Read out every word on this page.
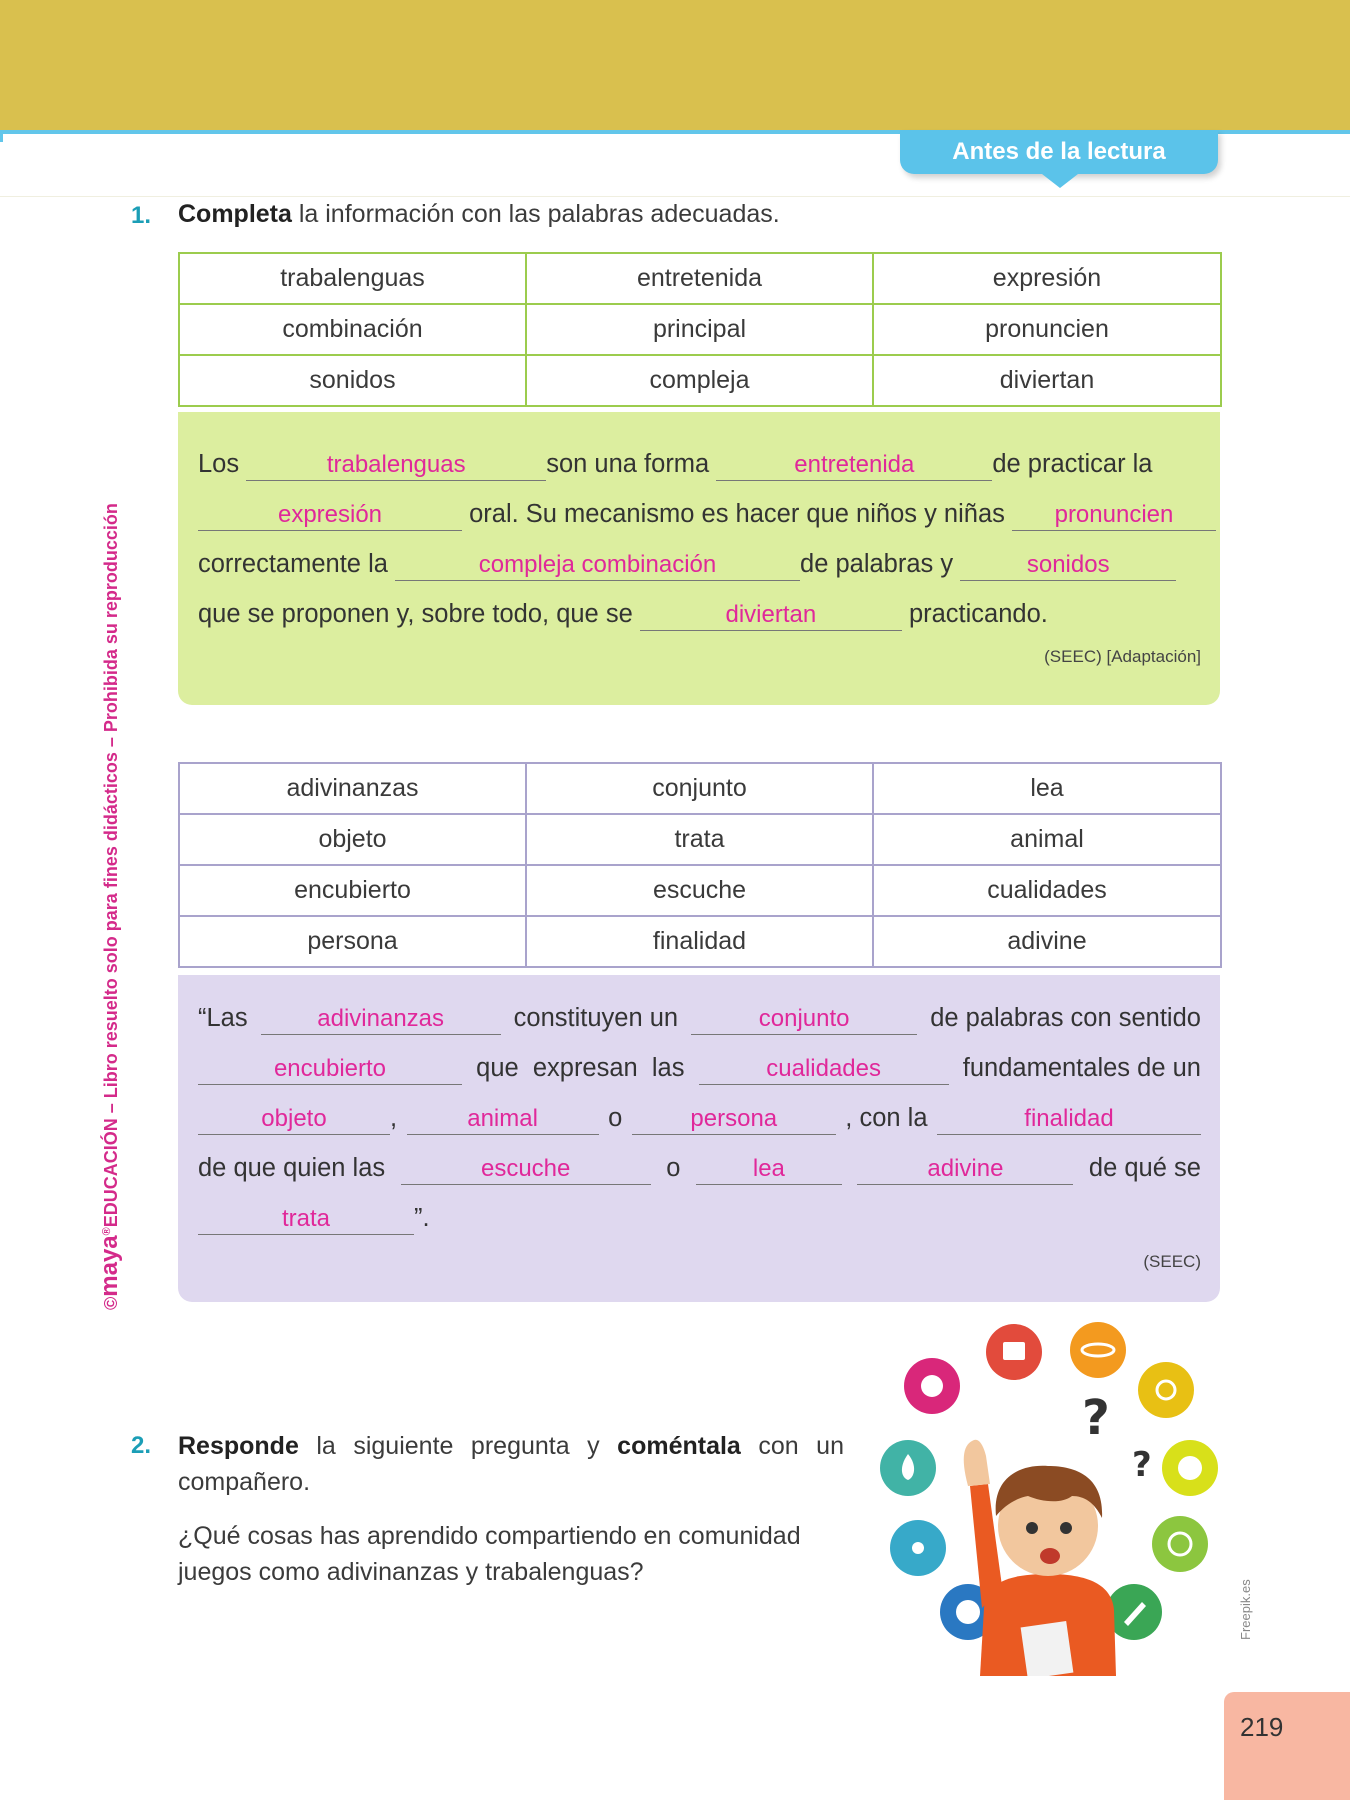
Antes de la lectura
©maya®EDUCACIÓN – Libro resuelto solo para fines didácticos – Prohibida su reproducción
1. Completa la información con las palabras adecuadas.
trabalenguas	entretenida	expresión
combinación	principal	pronuncien
sonidos	compleja	diviertan
Los	trabalenguas	son una forma	entretenida	de practicar la
expresión	oral. Su mecanismo es hacer que niños y niñas pronuncien
correctamente la	compleja combinación	de palabras y	sonidos
que se proponen y, sobre todo, que se	diviertan	practicando.
(SEEC) [Adaptación]
adivinanzas	conjunto	lea
objeto	trata	animal
encubierto	escuche	cualidades
persona	finalidad	adivine
“Las	adivinanzas	constituyen un	conjunto	de palabras con sentido
encubierto	que expresan las	cualidades	fundamentales de un
objeto ,	animal	o	persona	, con la	finalidad
de que quien las	escuche	o	lea	adivine	de qué se
trata	”.
(SEEC)
2. Responde la siguiente pregunta y coméntala con un compañero.
¿Qué cosas has aprendido compartiendo en comunidad juegos como adivinanzas y trabalenguas?
?
?
Freepik.es
219
